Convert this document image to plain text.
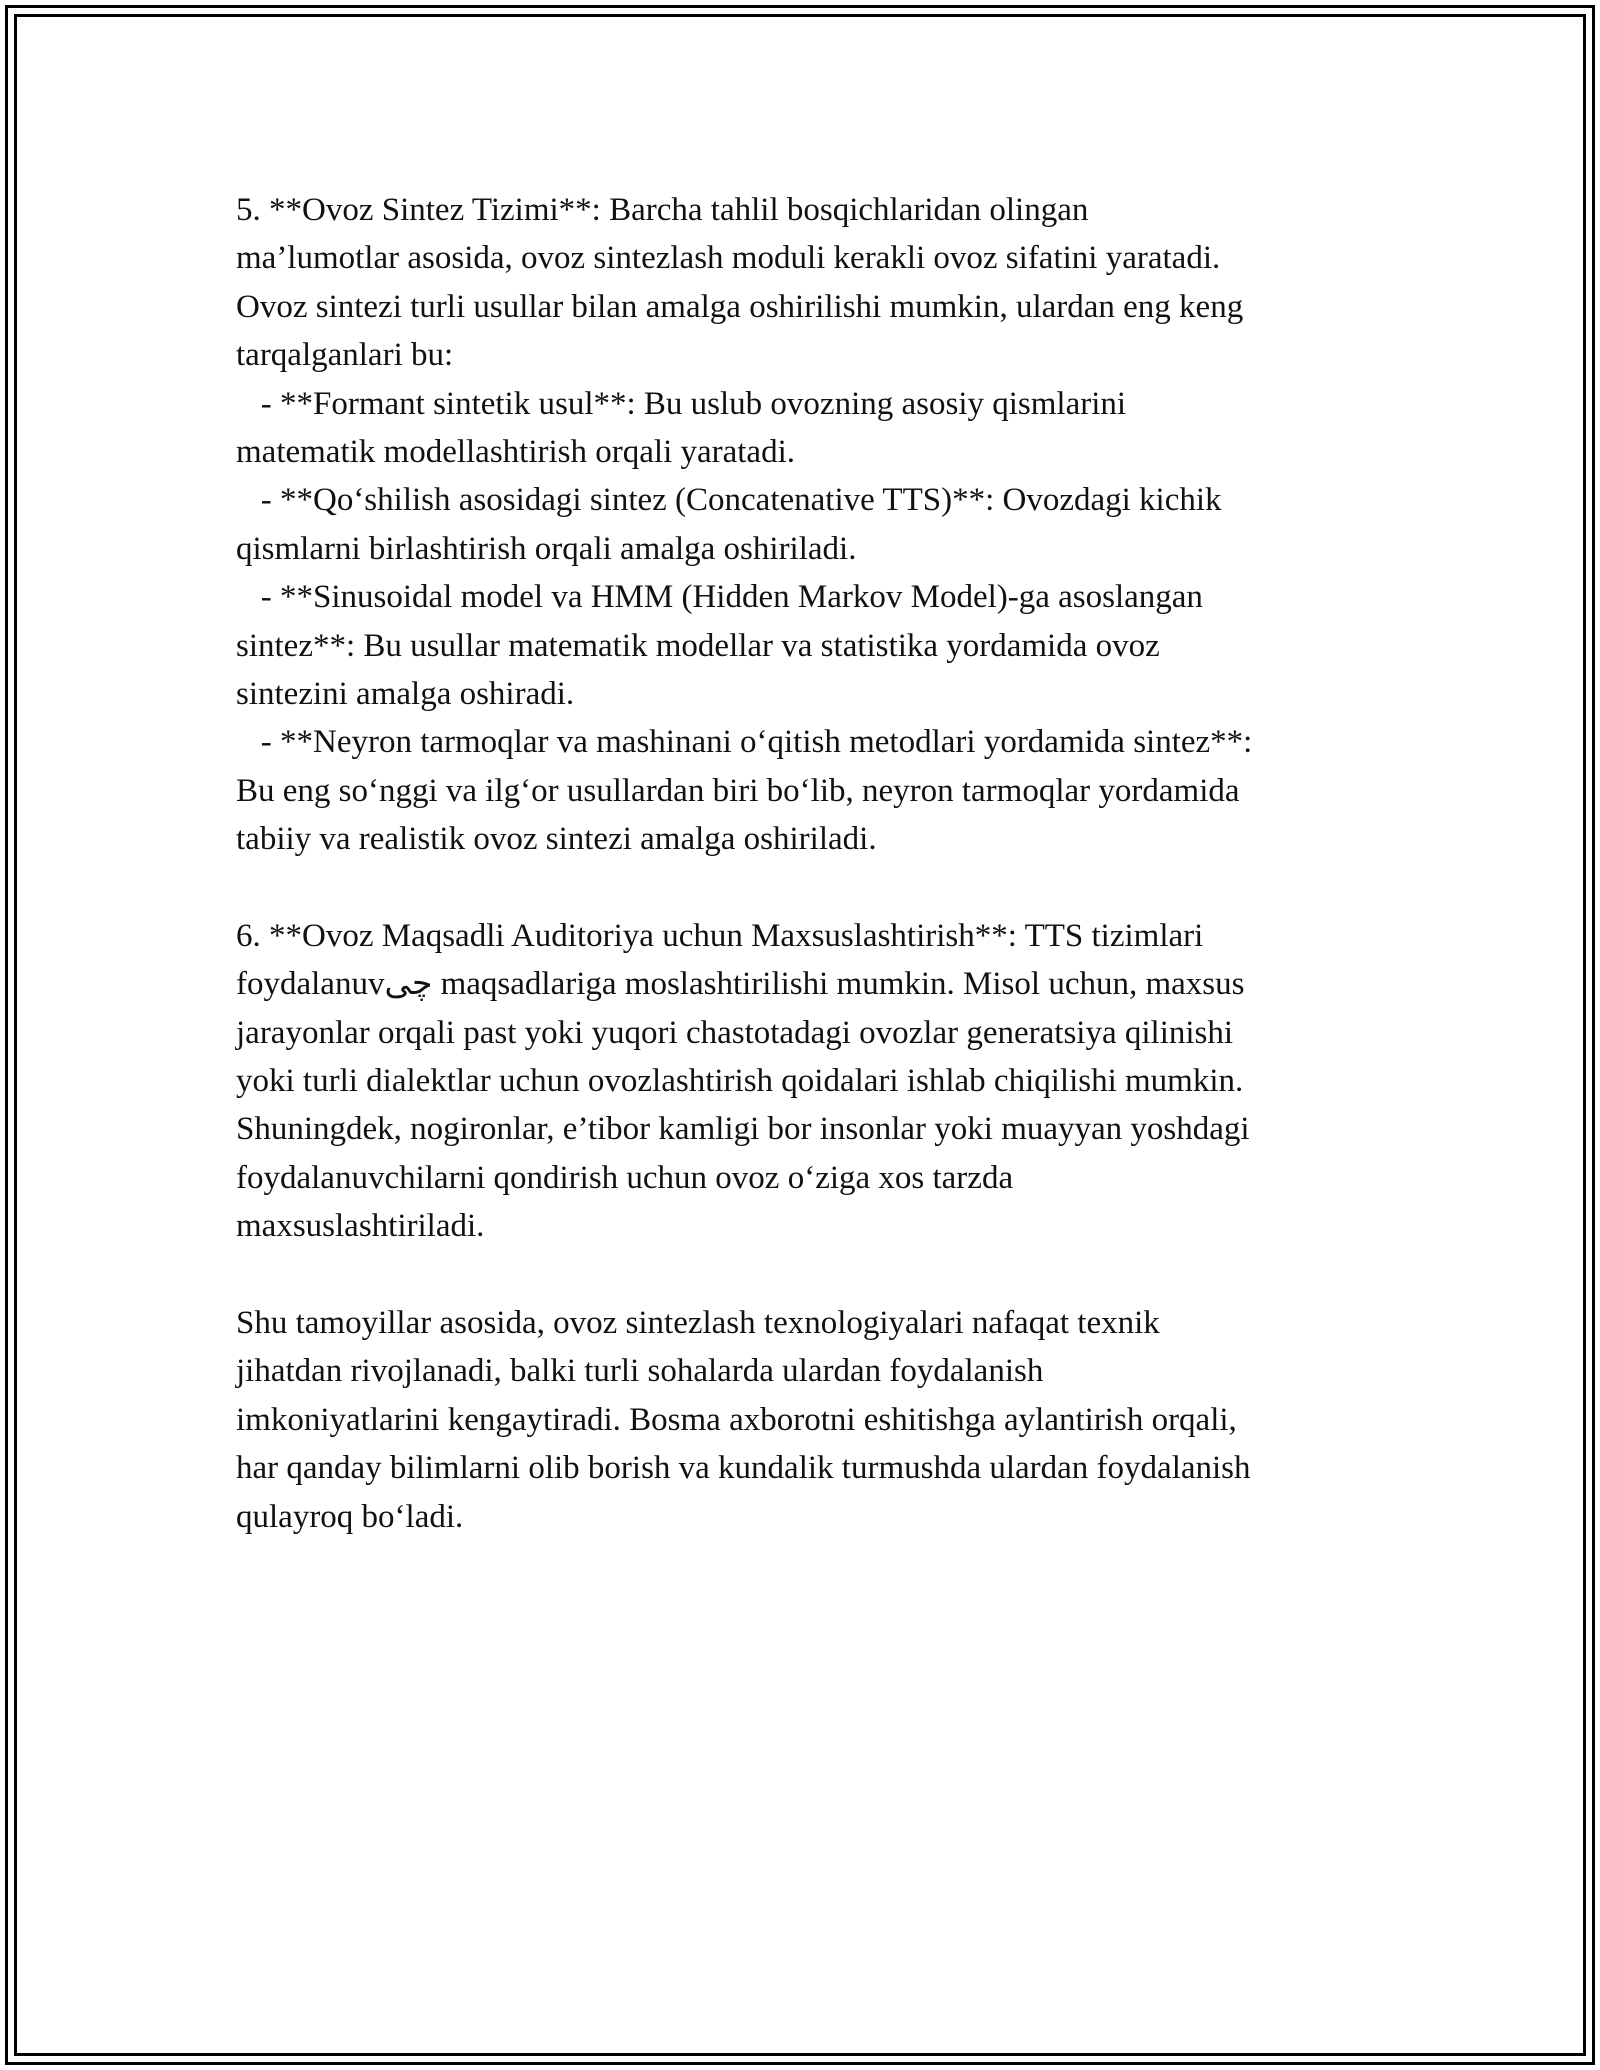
5. **Ovoz Sintez Tizimi**: Barcha tahlil bosqichlaridan olingan
ma’lumotlar asosida, ovoz sintezlash moduli kerakli ovoz sifatini yaratadi.
Ovoz sintezi turli usullar bilan amalga oshirilishi mumkin, ulardan eng keng
tarqalganlari bu:
- **Formant sintetik usul**: Bu uslub ovozning asosiy qismlarini
matematik modellashtirish orqali yaratadi.
- **Qo‘shilish asosidagi sintez (Concatenative TTS)**: Ovozdagi kichik
qismlarni birlashtirish orqali amalga oshiriladi.
- **Sinusoidal model va HMM (Hidden Markov Model)-ga asoslangan
sintez**: Bu usullar matematik modellar va statistika yordamida ovoz
sintezini amalga oshiradi.
- **Neyron tarmoqlar va mashinani o‘qitish metodlari yordamida sintez**:
Bu eng so‘nggi va ilg‘or usullardan biri bo‘lib, neyron tarmoqlar yordamida
tabiiy va realistik ovoz sintezi amalga oshiriladi.
6. **Ovoz Maqsadli Auditoriya uchun Maxsuslashtirish**: TTS tizimlari
foydalanuvچی maqsadlariga moslashtirilishi mumkin. Misol uchun, maxsus
jarayonlar orqali past yoki yuqori chastotadagi ovozlar generatsiya qilinishi
yoki turli dialektlar uchun ovozlashtirish qoidalari ishlab chiqilishi mumkin.
Shuningdek, nogironlar, e’tibor kamligi bor insonlar yoki muayyan yoshdagi
foydalanuvchilarni qondirish uchun ovoz o‘ziga xos tarzda
maxsuslashtiriladi.
Shu tamoyillar asosida, ovoz sintezlash texnologiyalari nafaqat texnik
jihatdan rivojlanadi, balki turli sohalarda ulardan foydalanish
imkoniyatlarini kengaytiradi. Bosma axborotni eshitishga aylantirish orqali,
har qanday bilimlarni olib borish va kundalik turmushda ulardan foydalanish
qulayroq bo‘ladi.
